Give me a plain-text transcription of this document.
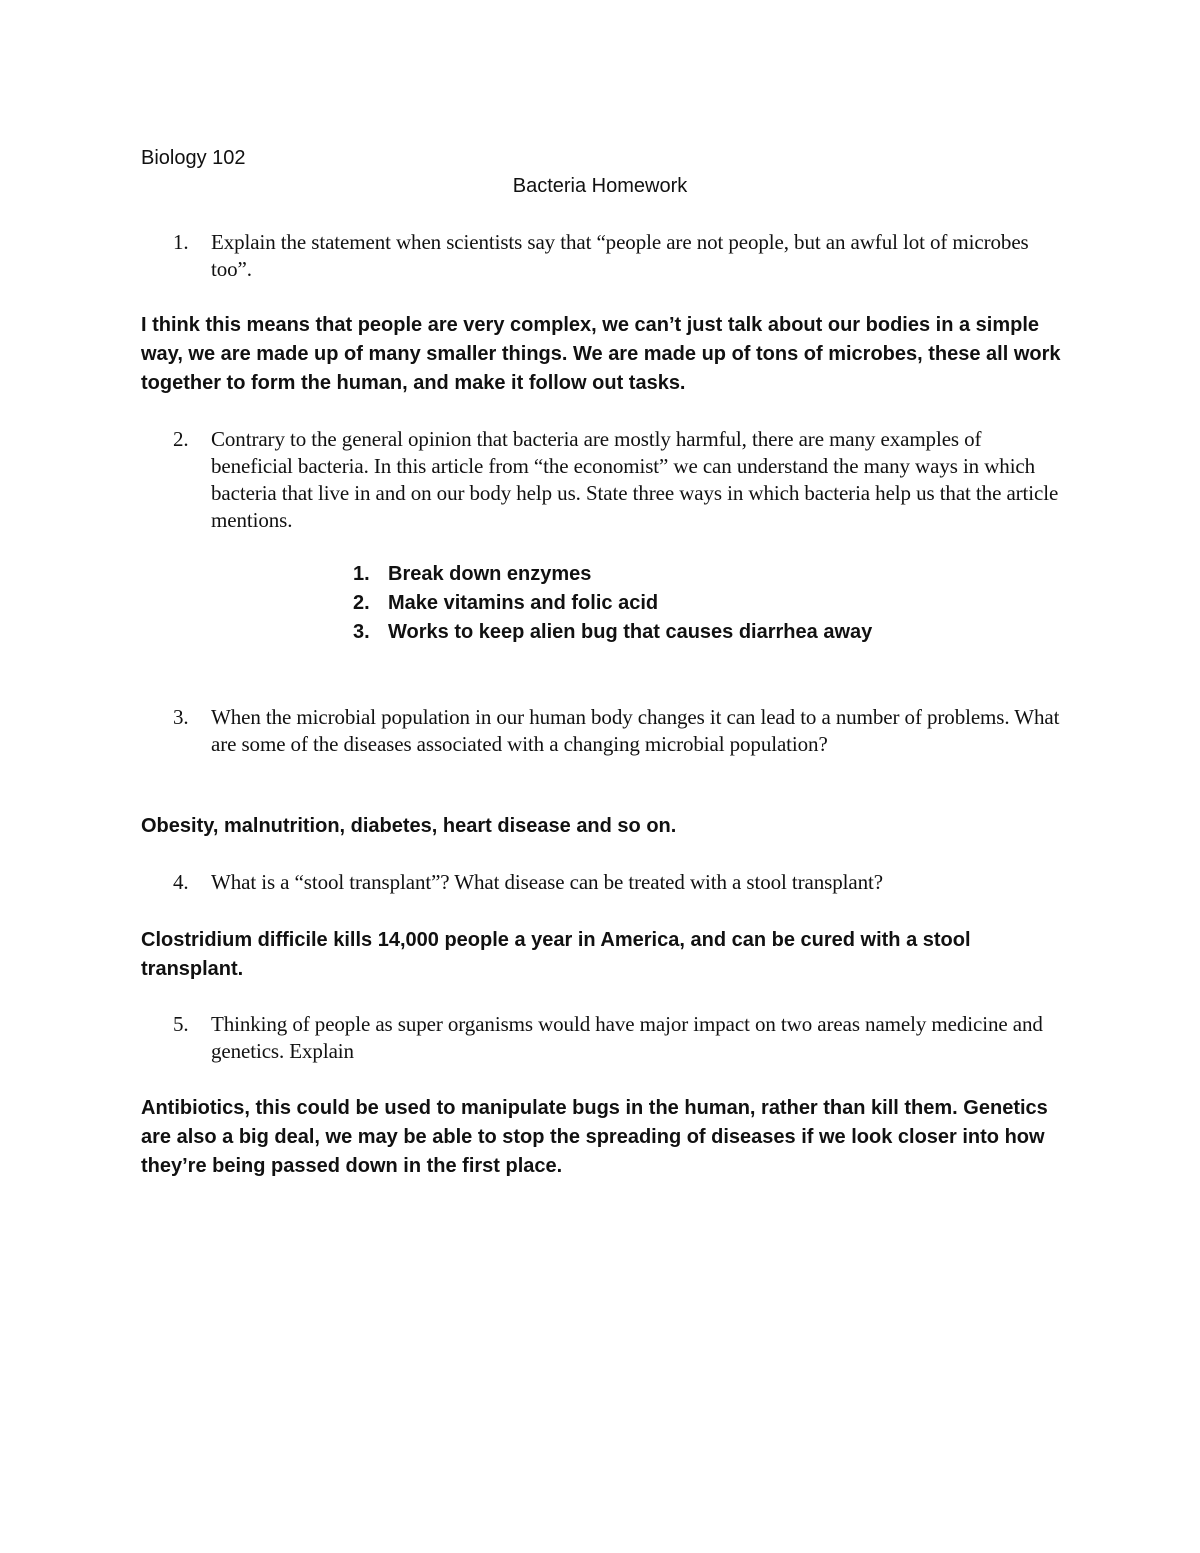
Biology 102
Bacteria Homework
1. Explain the statement when scientists say that “people are not people, but an awful lot of microbes too”.
I think this means that people are very complex, we can’t just talk about our bodies in a simple way, we are made up of many smaller things. We are made up of tons of microbes, these all work together to form the human, and make it follow out tasks.
2. Contrary to the general opinion that bacteria are mostly harmful, there are many examples of beneficial bacteria. In this article from “the economist” we can understand the many ways in which bacteria that live in and on our body help us. State three ways in which bacteria help us that the article mentions.
1. Break down enzymes
2. Make vitamins and folic acid
3. Works to keep alien bug that causes diarrhea away
3. When the microbial population in our human body changes it can lead to a number of problems. What are some of the diseases associated with a changing microbial population?
Obesity, malnutrition, diabetes, heart disease and so on.
4. What is a “stool transplant”? What disease can be treated with a stool transplant?
Clostridium difficile kills 14,000 people a year in America, and can be cured with a stool transplant.
5. Thinking of people as super organisms would have major impact on two areas namely medicine and genetics. Explain
Antibiotics, this could be used to manipulate bugs in the human, rather than kill them. Genetics are also a big deal, we may be able to stop the spreading of diseases if we look closer into how they’re being passed down in the first place.
